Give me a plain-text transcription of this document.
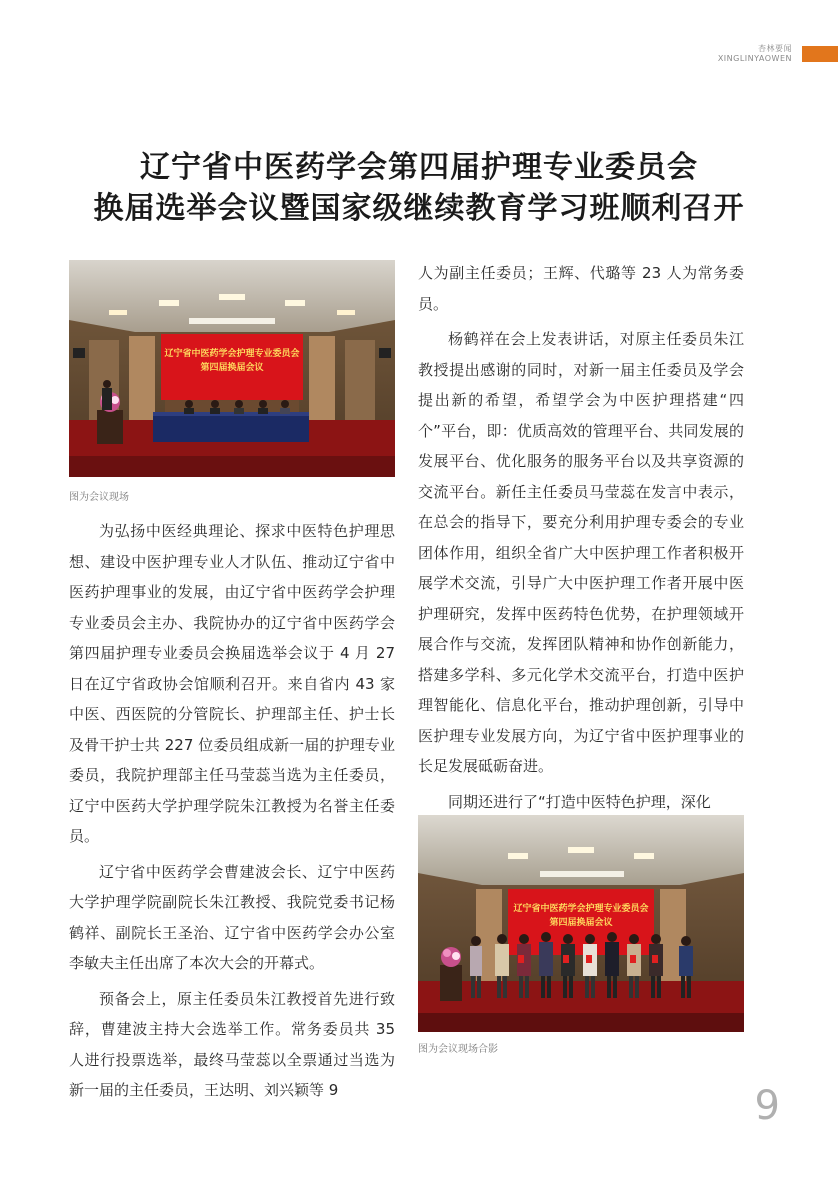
杏林要闻
XINGLINYAOWEN
辽宁省中医药学会第四届护理专业委员会
换届选举会议暨国家级继续教育学习班顺利召开
辽宁省中医药学会护理专业委员会
第四届换届会议
图为会议现场

为弘扬中医经典理论、探求中医特色护理思想、建设中医护理专业人才队伍、推动辽宁省中医药护理事业的发展，由辽宁省中医药学会护理专业委员会主办、我院协办的辽宁省中医药学会第四届护理专业委员会换届选举会议于 4 月 27 日在辽宁省政协会馆顺利召开。来自省内 43 家中医、西医院的分管院长、护理部主任、护士长及骨干护士共 227 位委员组成新一届的护理专业委员，我院护理部主任马莹蕊当选为主任委员，辽宁中医药大学护理学院朱江教授为名誉主任委员。

辽宁省中医药学会曹建波会长、辽宁中医药大学护理学院副院长朱江教授、我院党委书记杨鹤祥、副院长王圣治、辽宁省中医药学会办公室李敏夫主任出席了本次大会的开幕式。

预备会上，原主任委员朱江教授首先进行致辞，曹建波主持大会选举工作。常务委员共 35 人进行投票选举，最终马莹蕊以全票通过当选为新一届的主任委员，王达明、刘兴颖等 9

人为副主任委员；王辉、代璐等 23 人为常务委员。

杨鹤祥在会上发表讲话，对原主任委员朱江教授提出感谢的同时，对新一届主任委员及学会提出新的希望，希望学会为中医护理搭建“四个”平台，即：优质高效的管理平台、共同发展的发展平台、优化服务的服务平台以及共享资源的交流平台。新任主任委员马莹蕊在发言中表示，在总会的指导下，要充分利用护理专委会的专业团体作用，组织全省广大中医护理工作者积极开展学术交流，引导广大中医护理工作者开展中医护理研究，发挥中医药特色优势，在护理领域开展合作与交流，发挥团队精神和协作创新能力，搭建多学科、多元化学术交流平台，打造中医护理智能化、信息化平台，推动护理创新，引导中医护理专业发展方向，为辽宁省中医护理事业的长足发展砥砺奋进。

同期还进行了“打造中医特色护理，深化

辽宁省中医药学会护理专业委员会
第四届换届会议
图为会议现场合影
9
